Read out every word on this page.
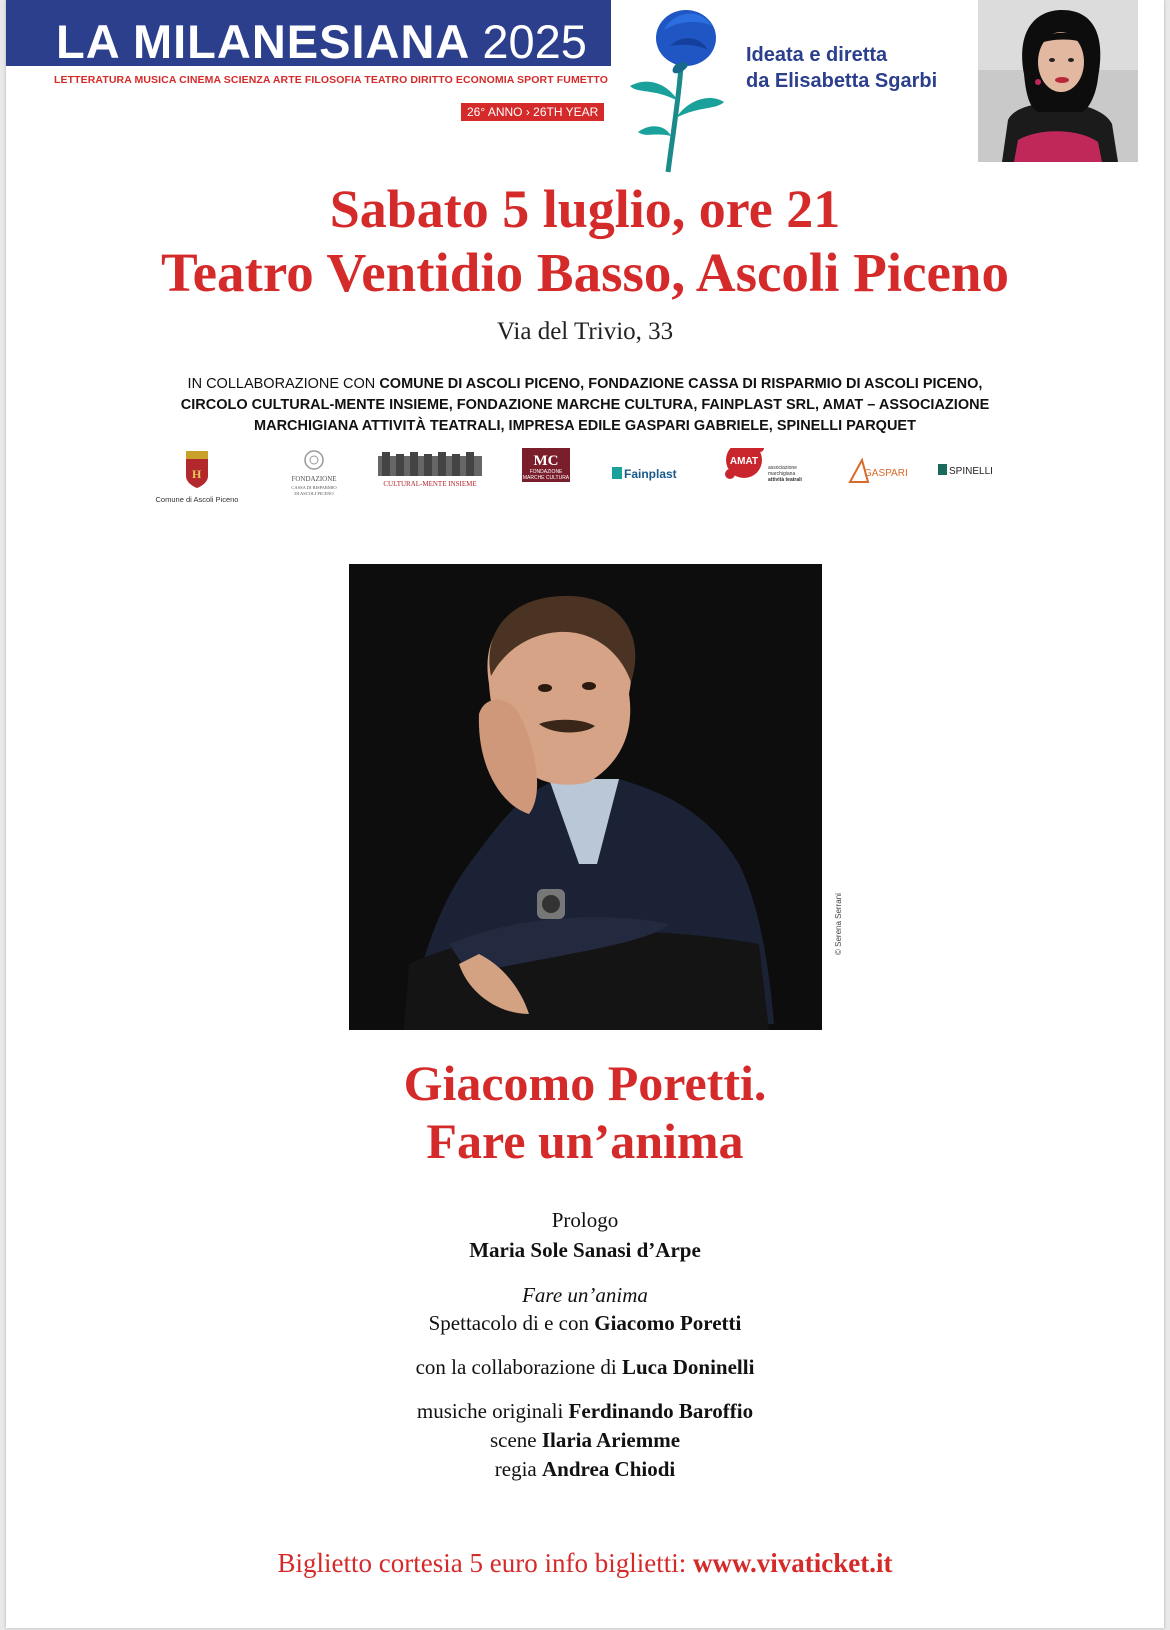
LA MILANESIANA 2025
LETTERATURA MUSICA CINEMA SCIENZA ARTE FILOSOFIA TEATRO DIRITTO ECONOMIA SPORT FUMETTO
26° ANNO › 26TH YEAR
Ideata e diretta
da Elisabetta Sgarbi
Sabato 5 luglio, ore 21
Teatro Ventidio Basso, Ascoli Piceno
Via del Trivio, 33
IN COLLABORAZIONE CON COMUNE DI ASCOLI PICENO, FONDAZIONE CASSA DI RISPARMIO DI ASCOLI PICENO,
CIRCOLO CULTURAL-MENTE INSIEME, FONDAZIONE MARCHE CULTURA, FAINPLAST SRL, AMAT – ASSOCIAZIONE
MARCHIGIANA ATTIVITÀ TEATRALI, IMPRESA EDILE GASPARI GABRIELE, SPINELLI PARQUET
H
Comune di Ascoli Piceno
FONDAZIONE
CASSA DI RISPARMIO
DI ASCOLI PICENO
CULTURAL-MENTE INSIEME
MC
FONDAZIONE
MARCHE CULTURA	Fainplast
AMAT
associazione
marchigiana
attività teatrali
GASPARI	SPINELLI
© Serena Serrani
Giacomo Poretti.
Fare un’anima
Prologo
Maria Sole Sanasi d’Arpe
Fare un’anima
Spettacolo di e con Giacomo Poretti
con la collaborazione di Luca Doninelli
musiche originali Ferdinando Baroffio
scene Ilaria Ariemme
regia Andrea Chiodi
Biglietto cortesia 5 euro info biglietti: www.vivaticket.it
